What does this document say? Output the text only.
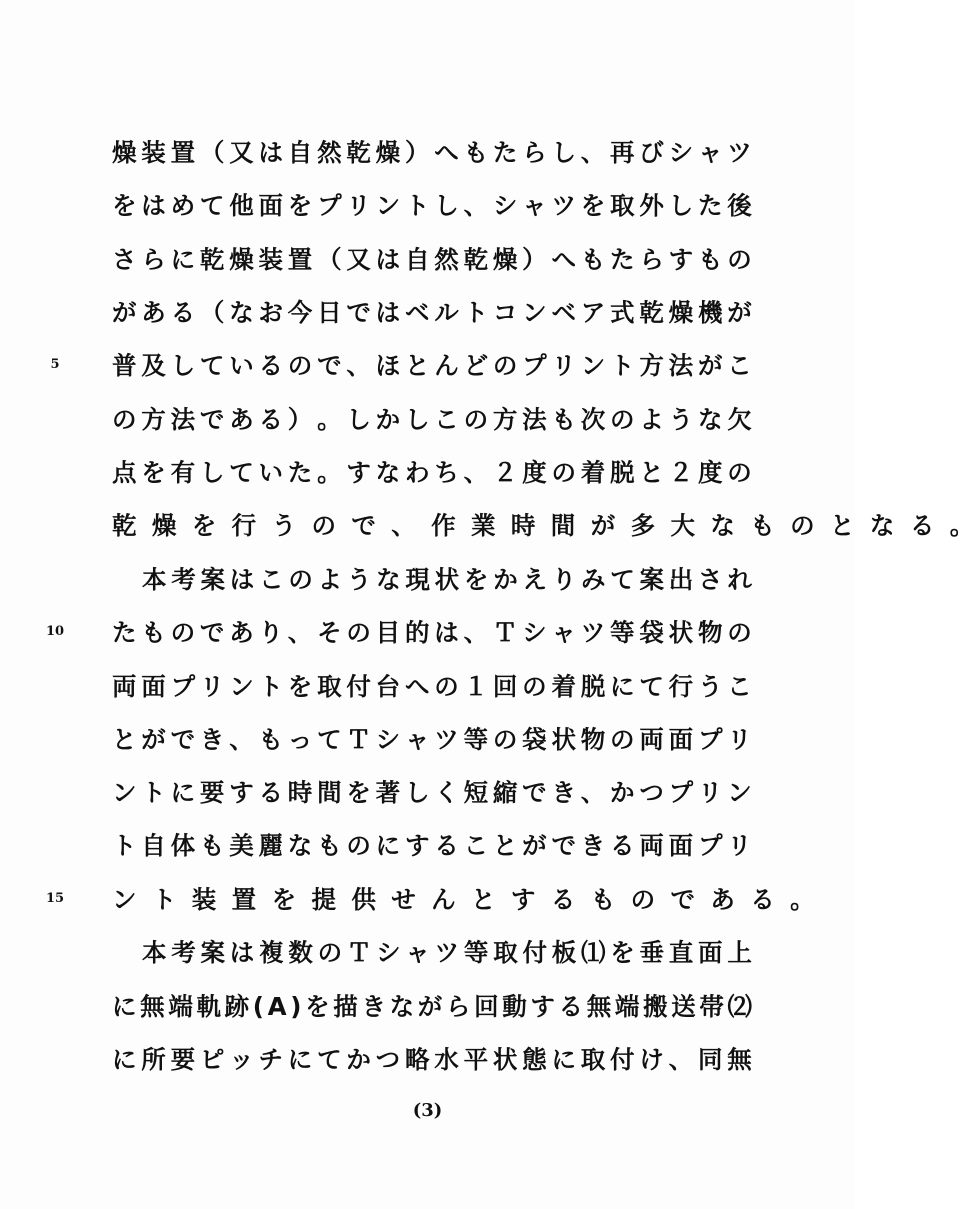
5
10
15
燥 装 置 （ 又 は 自 然 乾 燥 ） へ も た ら し 、 再 び シ ャ ツ
を は め て 他 面 を プ リ ン ト し 、 シ ャ ツ を 取 外 し た 後
さ ら に 乾 燥 装 置 （ 又 は 自 然 乾 燥 ） へ も た ら す も の
が あ る （ な お 今 日 で は ベ ル ト コ ン ベ ア 式 乾 燥 機 が
普 及 し て い る の で 、 ほ と ん ど の プ リ ン ト 方 法 が こ
の 方 法 で あ る ） 。 し か し こ の 方 法 も 次 の よ う な 欠
点 を 有 し て い た 。 す な わ ち 、 ２ 度 の 着 脱 と ２ 度 の
乾 燥 を 行 う の で 、 作 業 時 間 が 多 大 な も の と な る 。
本 考 案 は こ の よ う な 現 状 を か え り み て 案 出 さ れ
た も の で あ り 、 そ の 目 的 は 、 Ｔ シ ャ ツ 等 袋 状 物 の
両 面 プ リ ン ト を 取 付 台 へ の １ 回 の 着 脱 に て 行 う こ
と が で き 、 も っ て Ｔ シ ャ ツ 等 の 袋 状 物 の 両 面 プ リ
ン ト に 要 す る 時 間 を 著 し く 短 縮 で き 、 か つ プ リ ン
ト 自 体 も 美 麗 な も の に す る こ と が で き る 両 面 プ リ
ン ト 装 置 を 提 供 せ ん と す る も の で あ る 。
本 考 案 は 複 数 の Ｔ シ ャ ツ 等 取 付 板 ⑴ を 垂 直 面 上
に 無 端 軌 跡 ( A ) を 描 き な が ら 回 動 す る 無 端 搬 送 帯 ⑵
に 所 要 ピ ッ チ に て か つ 略 水 平 状 態 に 取 付 け 、 同 無
(3)
